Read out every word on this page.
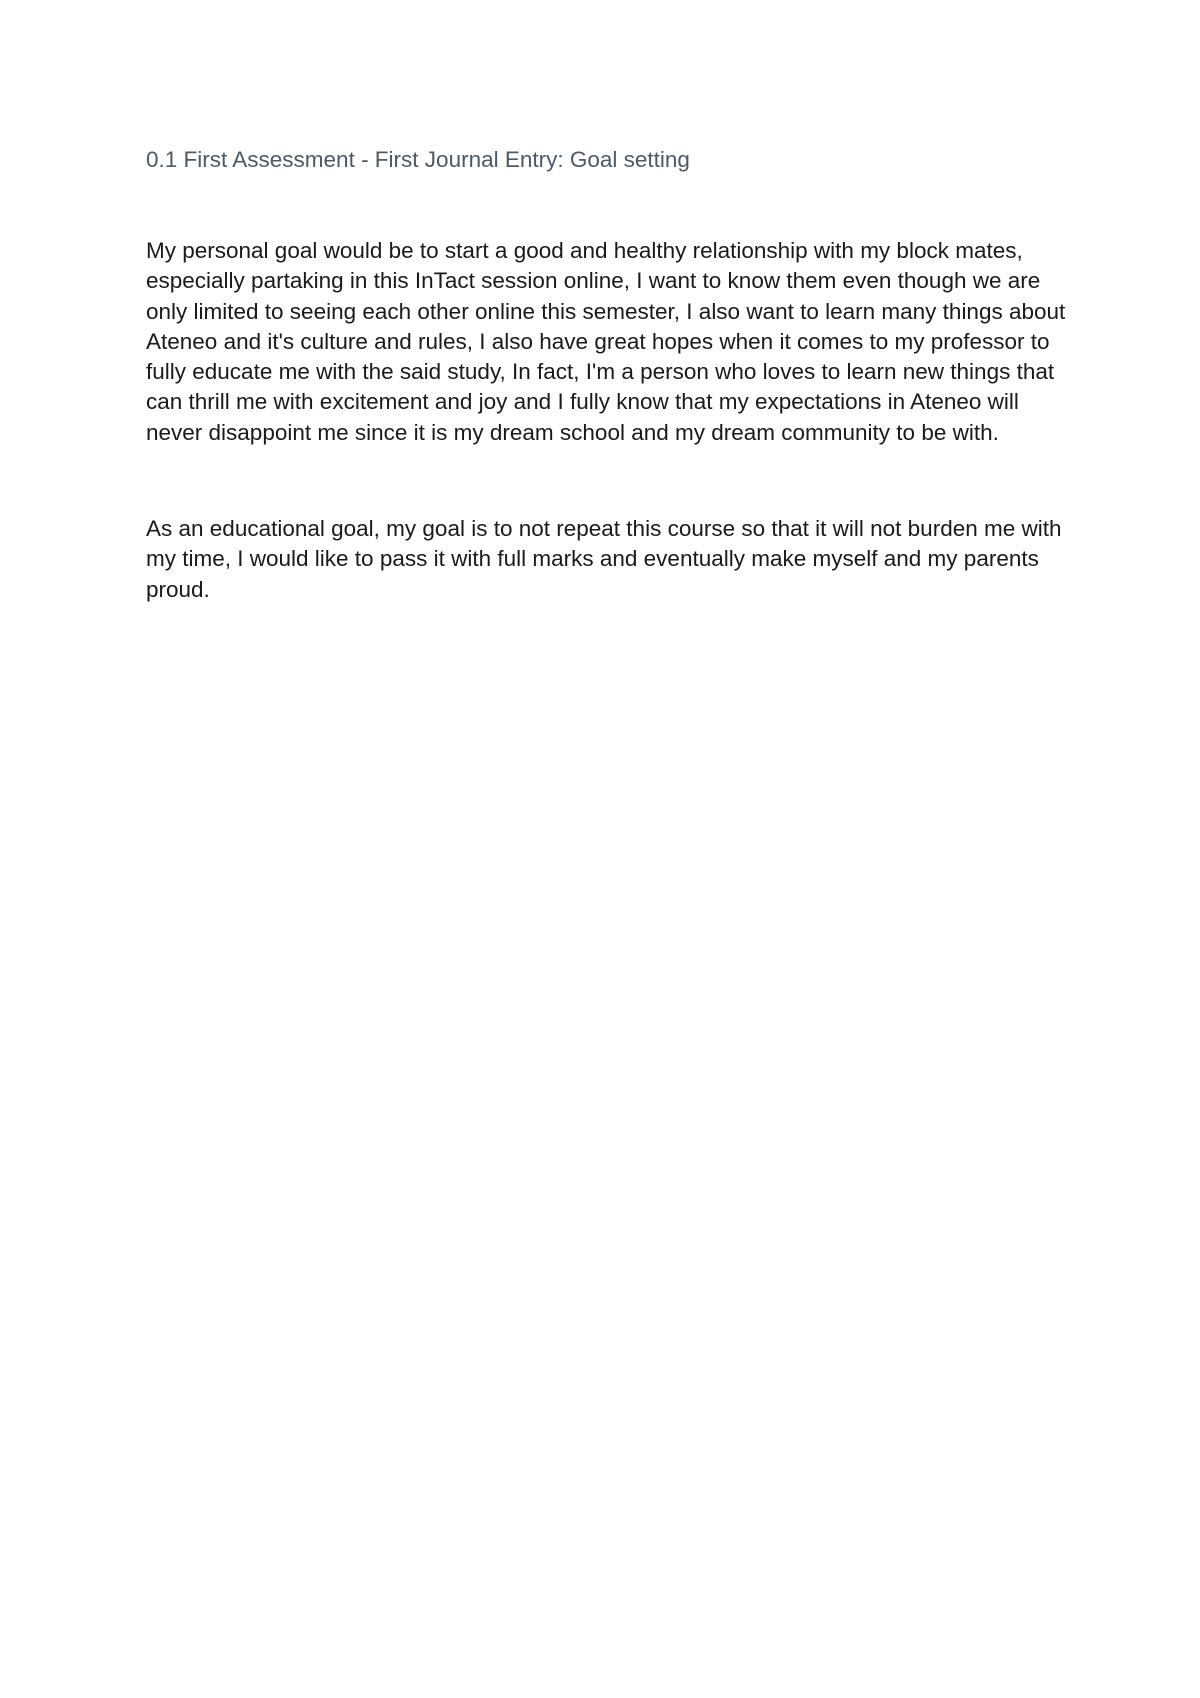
0.1 First Assessment - First Journal Entry: Goal setting

My personal goal would be to start a good and healthy relationship with my block mates, especially partaking in this InTact session online, I want to know them even though we are only limited to seeing each other online this semester, I also want to learn many things about Ateneo and it's culture and rules, I also have great hopes when it comes to my professor to fully educate me with the said study, In fact, I'm a person who loves to learn new things that can thrill me with excitement and joy and I fully know that my expectations in Ateneo will never disappoint me since it is my dream school and my dream community to be with.

As an educational goal, my goal is to not repeat this course so that it will not burden me with my time, I would like to pass it with full marks and eventually make myself and my parents proud.
